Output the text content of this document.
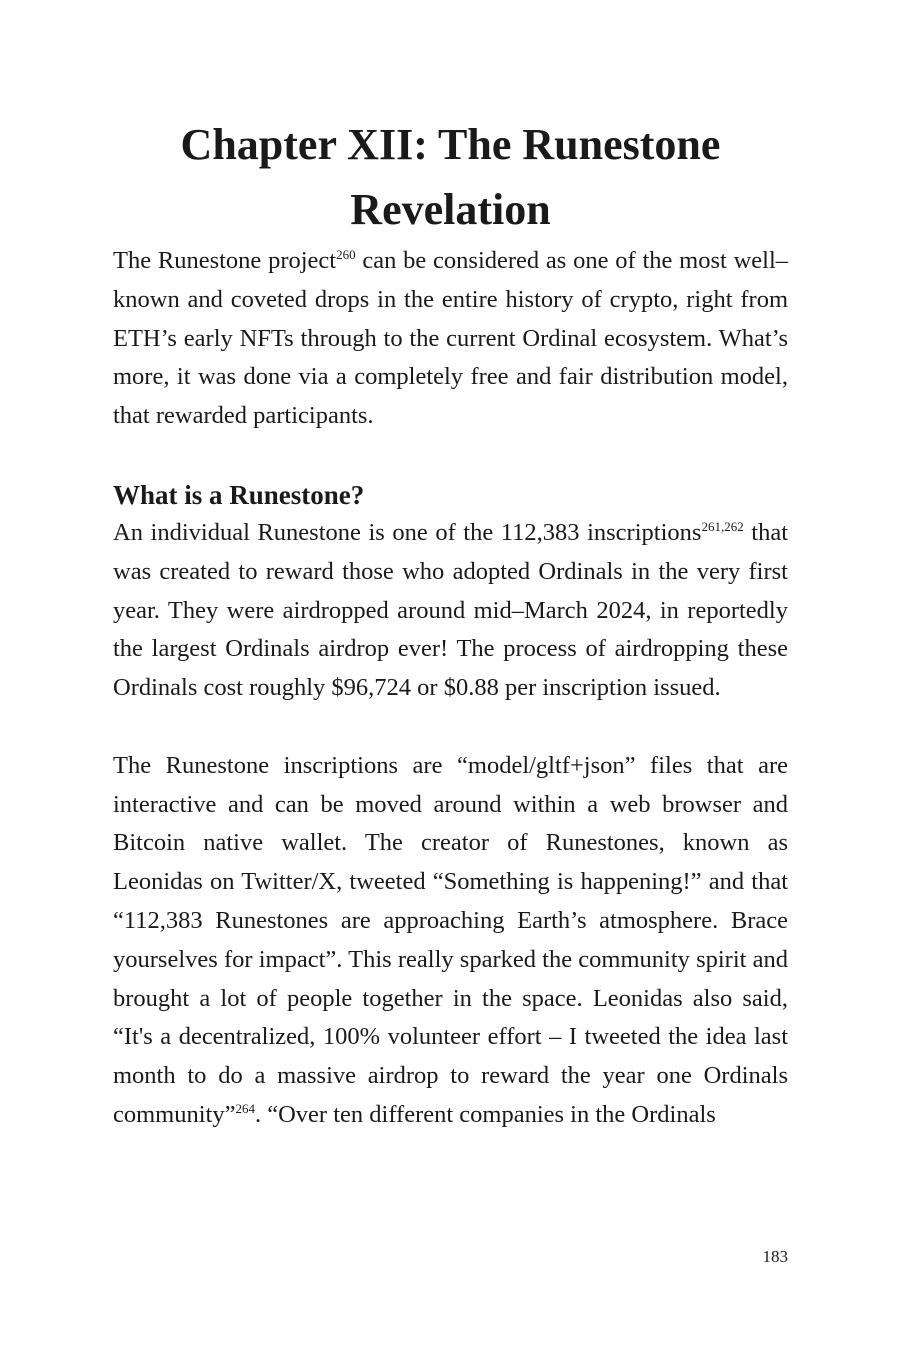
Chapter XII: The Runestone
Revelation

The Runestone project$^{260}$ can be considered as one of the most well–known and coveted drops in the entire history of crypto, right from ETH’s early NFTs through to the current Ordinal ecosystem. What’s more, it was done via a completely free and fair distribution model, that rewarded participants.

What is a Runestone?

An individual Runestone is one of the 112,383 inscriptions$^{261,262}$ that was created to reward those who adopted Ordinals in the very first year. They were airdropped around mid–March 2024, in reportedly the largest Ordinals airdrop ever! The process of airdropping these Ordinals cost roughly $96,724 or $0.88 per inscription issued.

The Runestone inscriptions are “model/gltf+json” files that are interactive and can be moved around within a web browser and Bitcoin native wallet. The creator of Runestones, known as Leonidas on Twitter/X, tweeted “Something is happening!” and that “112,383 Runestones are approaching Earth’s atmosphere. Brace yourselves for impact”. This really sparked the community spirit and brought a lot of people together in the space. Leonidas also said, “It's a decentralized, 100% volunteer effort – I tweeted the idea last month to do a massive airdrop to reward the year one Ordinals community”$^{264}$. “Over ten different companies in the Ordinals

183
